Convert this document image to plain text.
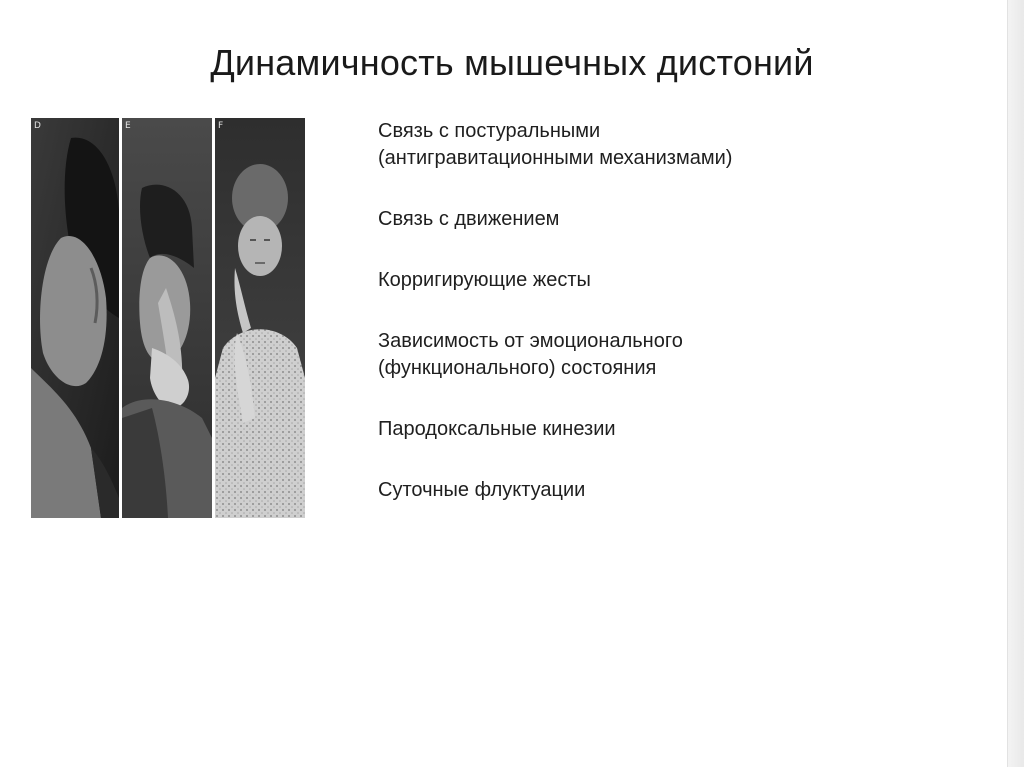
Динамичность мышечных дистоний
D	E	F	Связь с постуральными
(антигравитационными механизмами)
Связь с движением
Корригирующие жесты
Зависимость от эмоционального
(функционального) состояния
Пародоксальные кинезии
Суточные флуктуации
